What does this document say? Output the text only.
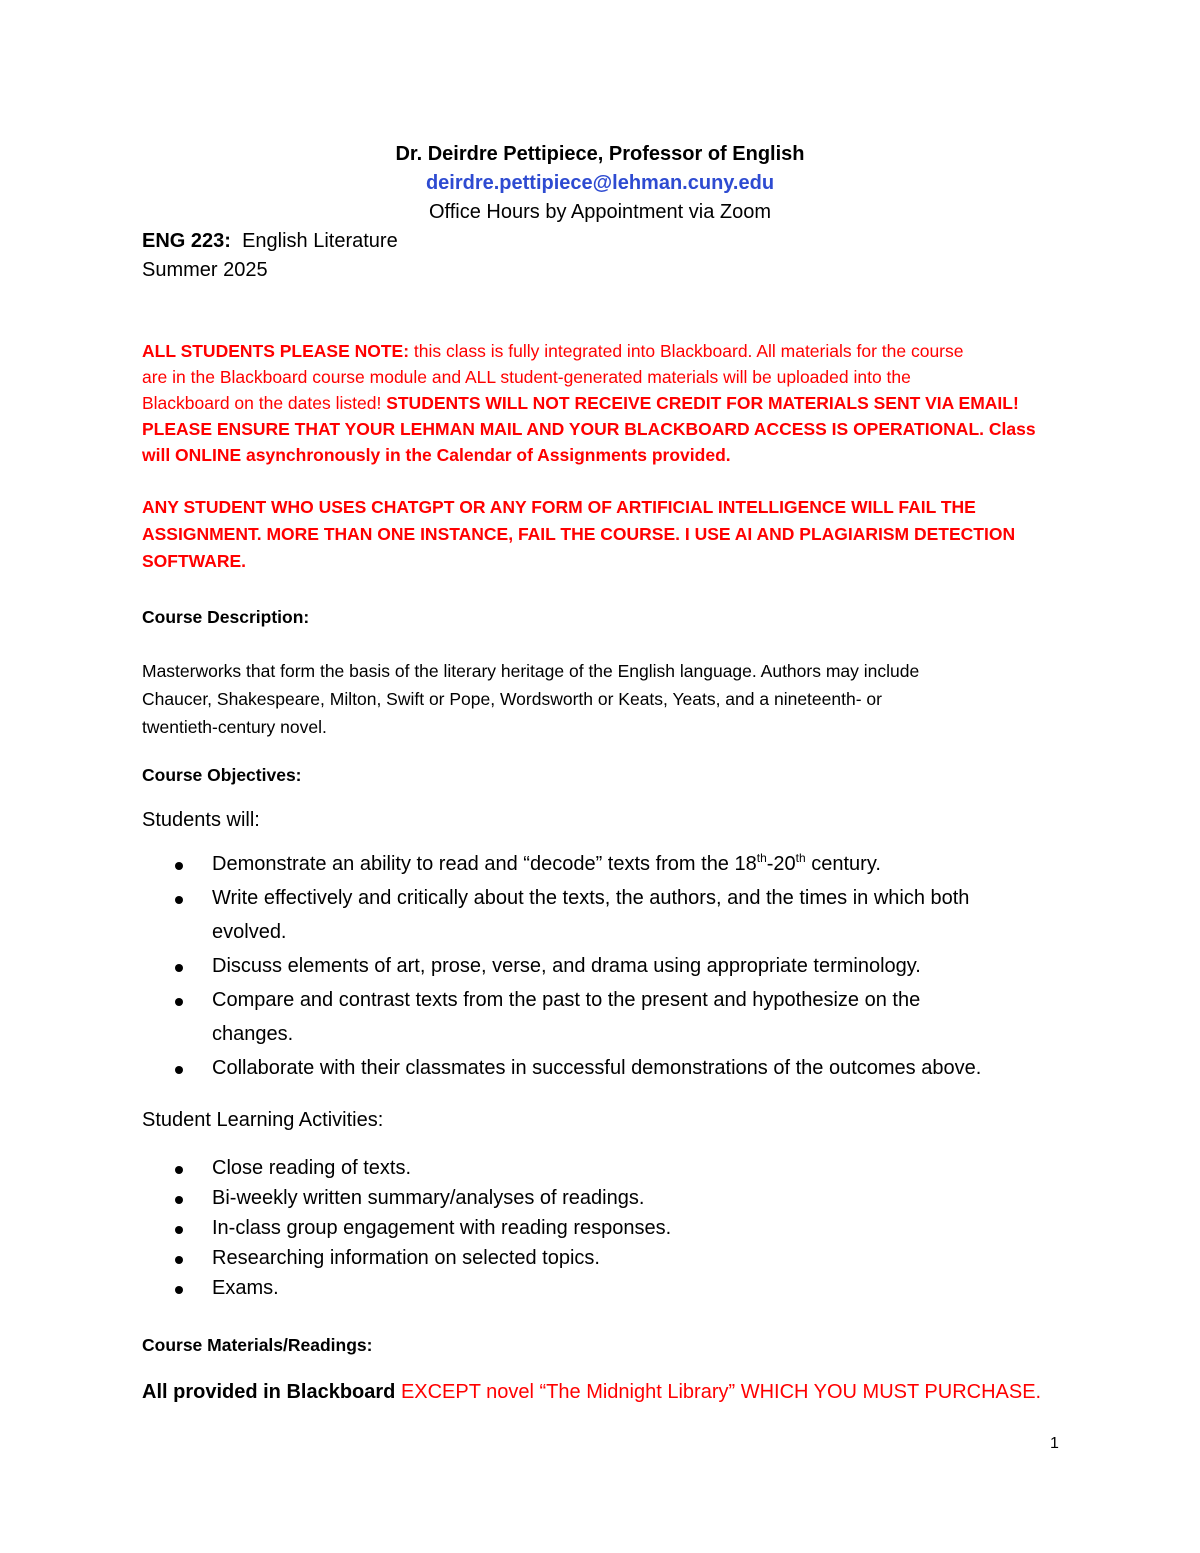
Dr. Deirdre Pettipiece, Professor of English
deirdre.pettipiece@lehman.cuny.edu
Office Hours by Appointment via Zoom
ENG 223: English Literature
Summer 2025
ALL STUDENTS PLEASE NOTE: this class is fully integrated into Blackboard. All materials for the course
are in the Blackboard course module and ALL student-generated materials will be uploaded into the
Blackboard on the dates listed! STUDENTS WILL NOT RECEIVE CREDIT FOR MATERIALS SENT VIA EMAIL!
PLEASE ENSURE THAT YOUR LEHMAN MAIL AND YOUR BLACKBOARD ACCESS IS OPERATIONAL. Class
will ONLINE asynchronously in the Calendar of Assignments provided.
ANY STUDENT WHO USES CHATGPT OR ANY FORM OF ARTIFICIAL INTELLIGENCE WILL FAIL THE
ASSIGNMENT. MORE THAN ONE INSTANCE, FAIL THE COURSE. I USE AI AND PLAGIARISM DETECTION
SOFTWARE.
Course Description:
Masterworks that form the basis of the literary heritage of the English language. Authors may include
Chaucer, Shakespeare, Milton, Swift or Pope, Wordsworth or Keats, Yeats, and a nineteenth- or
twentieth-century novel.
Course Objectives:
Students will:
Demonstrate an ability to read and “decode” texts from the 18th-20th century.
Write effectively and critically about the texts, the authors, and the times in which both
evolved.
Discuss elements of art, prose, verse, and drama using appropriate terminology.
Compare and contrast texts from the past to the present and hypothesize on the
changes.
Collaborate with their classmates in successful demonstrations of the outcomes above.
Student Learning Activities:
Close reading of texts.
Bi-weekly written summary/analyses of readings.
In-class group engagement with reading responses.
Researching information on selected topics.
Exams.
Course Materials/Readings:
All provided in Blackboard EXCEPT novel “The Midnight Library” WHICH YOU MUST PURCHASE.
1
